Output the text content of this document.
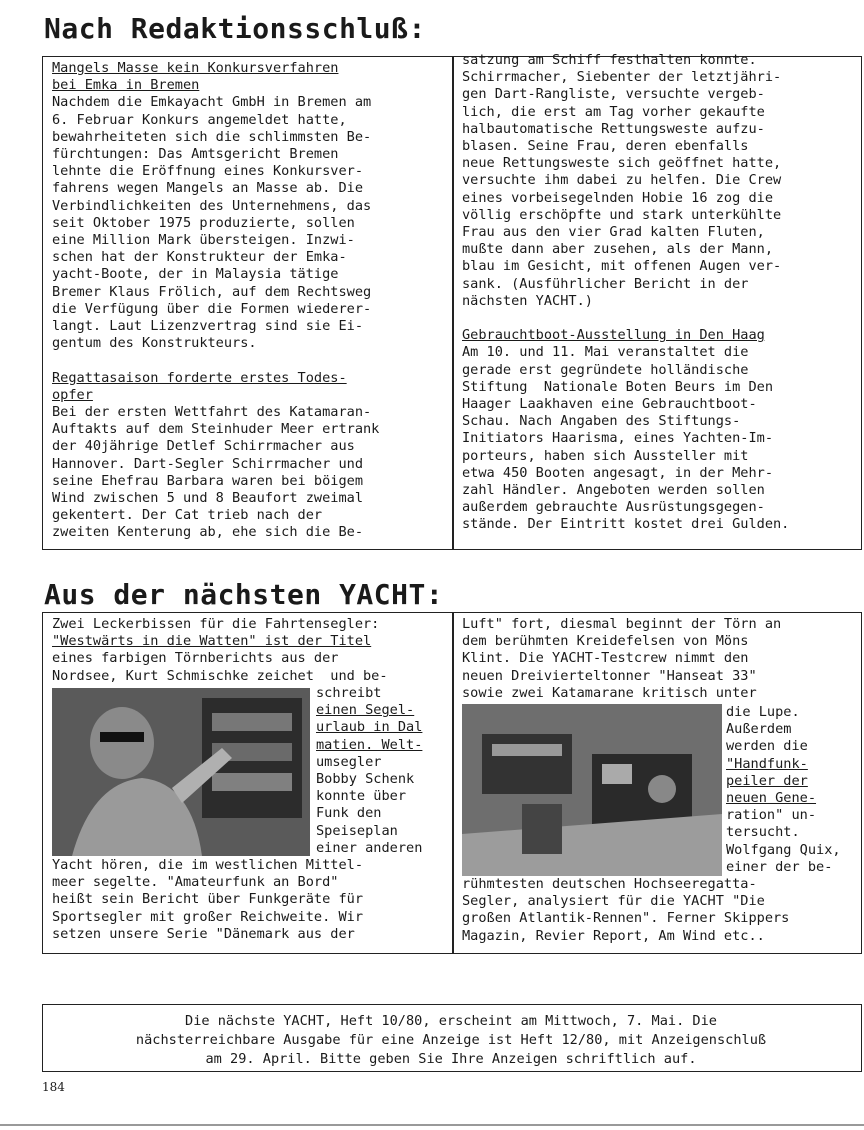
Nach Redaktionsschluß:
Mangels Masse kein Konkursverfahren
bei Emka in Bremen
Nachdem die Emkayacht GmbH in Bremen am
6. Februar Konkurs angemeldet hatte,
bewahrheiteten sich die schlimmsten Be-
fürchtungen: Das Amtsgericht Bremen
lehnte die Eröffnung eines Konkursver-
fahrens wegen Mangels an Masse ab. Die
Verbindlichkeiten des Unternehmens, das
seit Oktober 1975 produzierte, sollen
eine Million Mark übersteigen. Inzwi-
schen hat der Konstrukteur der Emka-
yacht-Boote, der in Malaysia tätige
Bremer Klaus Frölich, auf dem Rechtsweg
die Verfügung über die Formen wiederer-
langt. Laut Lizenzvertrag sind sie Ei-
gentum des Konstrukteurs.

Regattasaison forderte erstes Todes-
opfer
Bei der ersten Wettfahrt des Katamaran-
Auftakts auf dem Steinhuder Meer ertrank
der 40jährige Detlef Schirrmacher aus
Hannover. Dart-Segler Schirrmacher und
seine Ehefrau Barbara waren bei böigem
Wind zwischen 5 und 8 Beaufort zweimal
gekentert. Der Cat trieb nach der
zweiten Kenterung ab, ehe sich die Be-
satzung am Schiff festhalten konnte.
Schirrmacher, Siebenter der letztjähri-
gen Dart-Rangliste, versuchte vergeb-
lich, die erst am Tag vorher gekaufte
halbautomatische Rettungsweste aufzu-
blasen. Seine Frau, deren ebenfalls
neue Rettungsweste sich geöffnet hatte,
versuchte ihm dabei zu helfen. Die Crew
eines vorbeisegelnden Hobie 16 zog die
völlig erschöpfte und stark unterkühlte
Frau aus den vier Grad kalten Fluten,
mußte dann aber zusehen, als der Mann,
blau im Gesicht, mit offenen Augen ver-
sank. (Ausführlicher Bericht in der
nächsten YACHT.)

Gebrauchtboot-Ausstellung in Den Haag
Am 10. und 11. Mai veranstaltet die
gerade erst gegründete holländische
Stiftung  Nationale Boten Beurs im Den
Haager Laakhaven eine Gebrauchtboot-
Schau. Nach Angaben des Stiftungs-
Initiators Haarisma, eines Yachten-Im-
porteurs, haben sich Aussteller mit
etwa 450 Booten angesagt, in der Mehr-
zahl Händler. Angeboten werden sollen
außerdem gebrauchte Ausrüstungsgegen-
stände. Der Eintritt kostet drei Gulden.
Aus der nächsten YACHT:
Zwei Leckerbissen für die Fahrtensegler:
"Westwärts in die Watten" ist der Titel
eines farbigen Törnberichts aus der
Nordsee, Kurt Schmischke zeichet  und be-
schreibt
einen Segel-
urlaub in Dal
matien. Welt-
umsegler
Bobby Schenk
konnte über
Funk den
Speiseplan
einer anderen
Yacht hören, die im westlichen Mittel-
meer segelte. "Amateurfunk an Bord"
heißt sein Bericht über Funkgeräte für
Sportsegler mit großer Reichweite. Wir
setzen unsere Serie "Dänemark aus der
Luft" fort, diesmal beginnt der Törn an
dem berühmten Kreidefelsen von Möns
Klint. Die YACHT-Testcrew nimmt den
neuen Dreivierteltonner "Hanseat 33"
sowie zwei Katamarane kritisch unter
die Lupe.
Außerdem
werden die
"Handfunk-
peiler der
neuen Gene-
ration" un-
tersucht.
Wolfgang Quix,
einer der be-
rühmtesten deutschen Hochseeregatta-
Segler, analysiert für die YACHT "Die
großen Atlantik-Rennen". Ferner Skippers
Magazin, Revier Report, Am Wind etc..
Die nächste YACHT, Heft 10/80, erscheint am Mittwoch, 7. Mai. Die
nächsterreichbare Ausgabe für eine Anzeige ist Heft 12/80, mit Anzeigenschluß
am 29. April. Bitte geben Sie Ihre Anzeigen schriftlich auf.
184
